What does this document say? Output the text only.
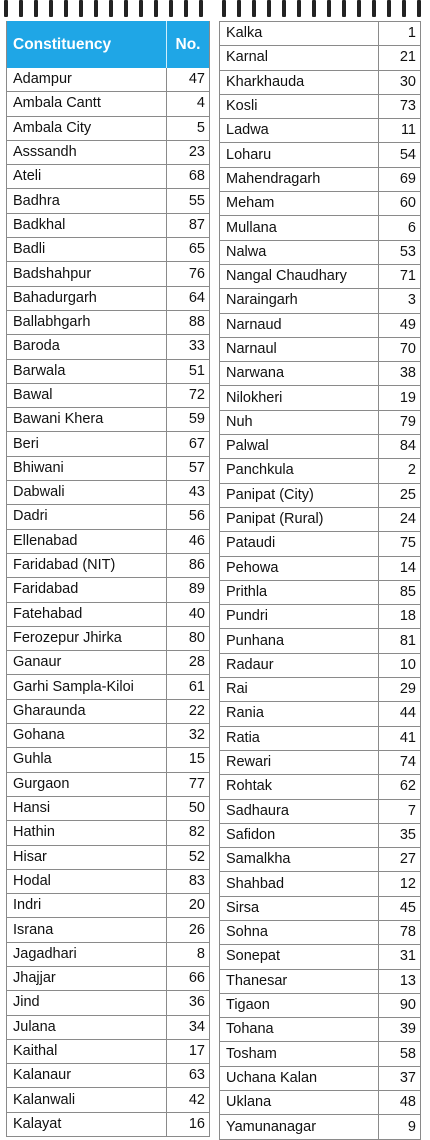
Constituency	No.
Adampur	47
Ambala Cantt	4
Ambala City	5
Asssandh	23
Ateli	68
Badhra	55
Badkhal	87
Badli	65
Badshahpur	76
Bahadurgarh	64
Ballabhgarh	88
Baroda	33
Barwala	51
Bawal	72
Bawani Khera	59
Beri	67
Bhiwani	57
Dabwali	43
Dadri	56
Ellenabad	46
Faridabad (NIT)	86
Faridabad	89
Fatehabad	40
Ferozepur Jhirka	80
Ganaur	28
Garhi Sampla-Kiloi	61
Gharaunda	22
Gohana	32
Guhla	15
Gurgaon	77
Hansi	50
Hathin	82
Hisar	52
Hodal	83
Indri	20
Israna	26
Jagadhari	8
Jhajjar	66
Jind	36
Julana	34
Kaithal	17
Kalanaur	63
Kalanwali	42
Kalayat	16
Kalka	1
Karnal	21
Kharkhauda	30
Kosli	73
Ladwa	11
Loharu	54
Mahendragarh	69
Meham	60
Mullana	6
Nalwa	53
Nangal Chaudhary	71
Naraingarh	3
Narnaud	49
Narnaul	70
Narwana	38
Nilokheri	19
Nuh	79
Palwal	84
Panchkula	2
Panipat (City)	25
Panipat (Rural)	24
Pataudi	75
Pehowa	14
Prithla	85
Pundri	18
Punhana	81
Radaur	10
Rai	29
Rania	44
Ratia	41
Rewari	74
Rohtak	62
Sadhaura	7
Safidon	35
Samalkha	27
Shahbad	12
Sirsa	45
Sohna	78
Sonepat	31
Thanesar	13
Tigaon	90
Tohana	39
Tosham	58
Uchana Kalan	37
Uklana	48
Yamunanagar	9
